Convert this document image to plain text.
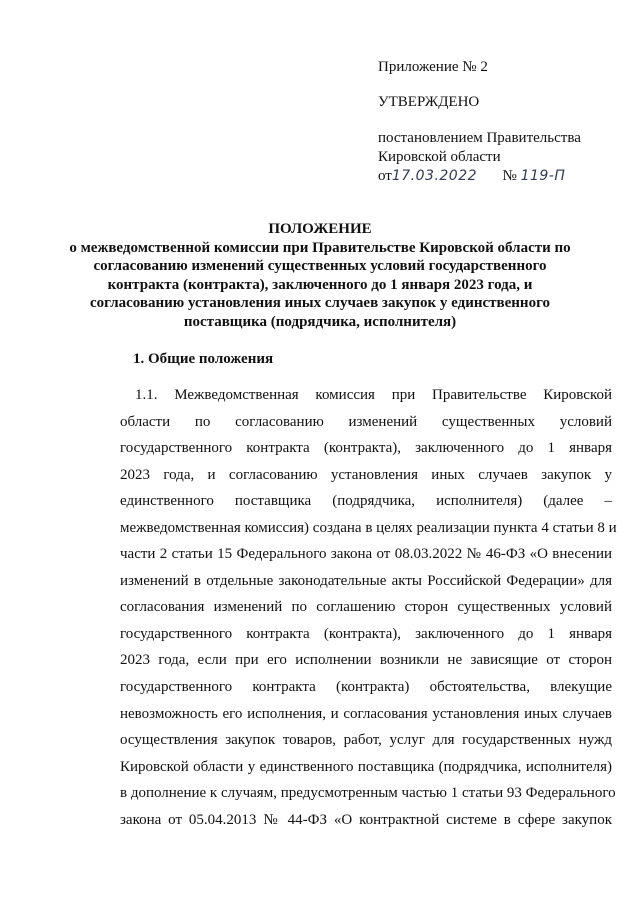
Приложение № 2
УТВЕРЖДЕНО
постановлением Правительства
Кировской области
от17.03.2022 № 119-П
ПОЛОЖЕНИЕ
о межведомственной комиссии при Правительстве Кировской области по
согласованию изменений существенных условий государственного
контракта (контракта), заключенного до 1 января 2023 года, и
согласованию установления иных случаев закупок у единственного
поставщика (подрядчика, исполнителя)
1. Общие положения
1.1. Межведомственная комиссия при Правительстве Кировской
области по согласованию изменений существенных условий
государственного контракта (контракта), заключенного до 1 января
2023 года, и согласованию установления иных случаев закупок у
единственного поставщика (подрядчика, исполнителя) (далее –
межведомственная комиссия) создана в целях реализации пункта 4 статьи 8 и
части 2 статьи 15 Федерального закона от 08.03.2022 № 46-ФЗ «О внесении
изменений в отдельные законодательные акты Российской Федерации» для
согласования изменений по соглашению сторон существенных условий
государственного контракта (контракта), заключенного до 1 января
2023 года, если при его исполнении возникли не зависящие от сторон
государственного контракта (контракта) обстоятельства, влекущие
невозможность его исполнения, и согласования установления иных случаев
осуществления закупок товаров, работ, услуг для государственных нужд
Кировской области у единственного поставщика (подрядчика, исполнителя)
в дополнение к случаям, предусмотренным частью 1 статьи 93 Федерального
закона от 05.04.2013 № 44-ФЗ «О контрактной системе в сфере закупок
